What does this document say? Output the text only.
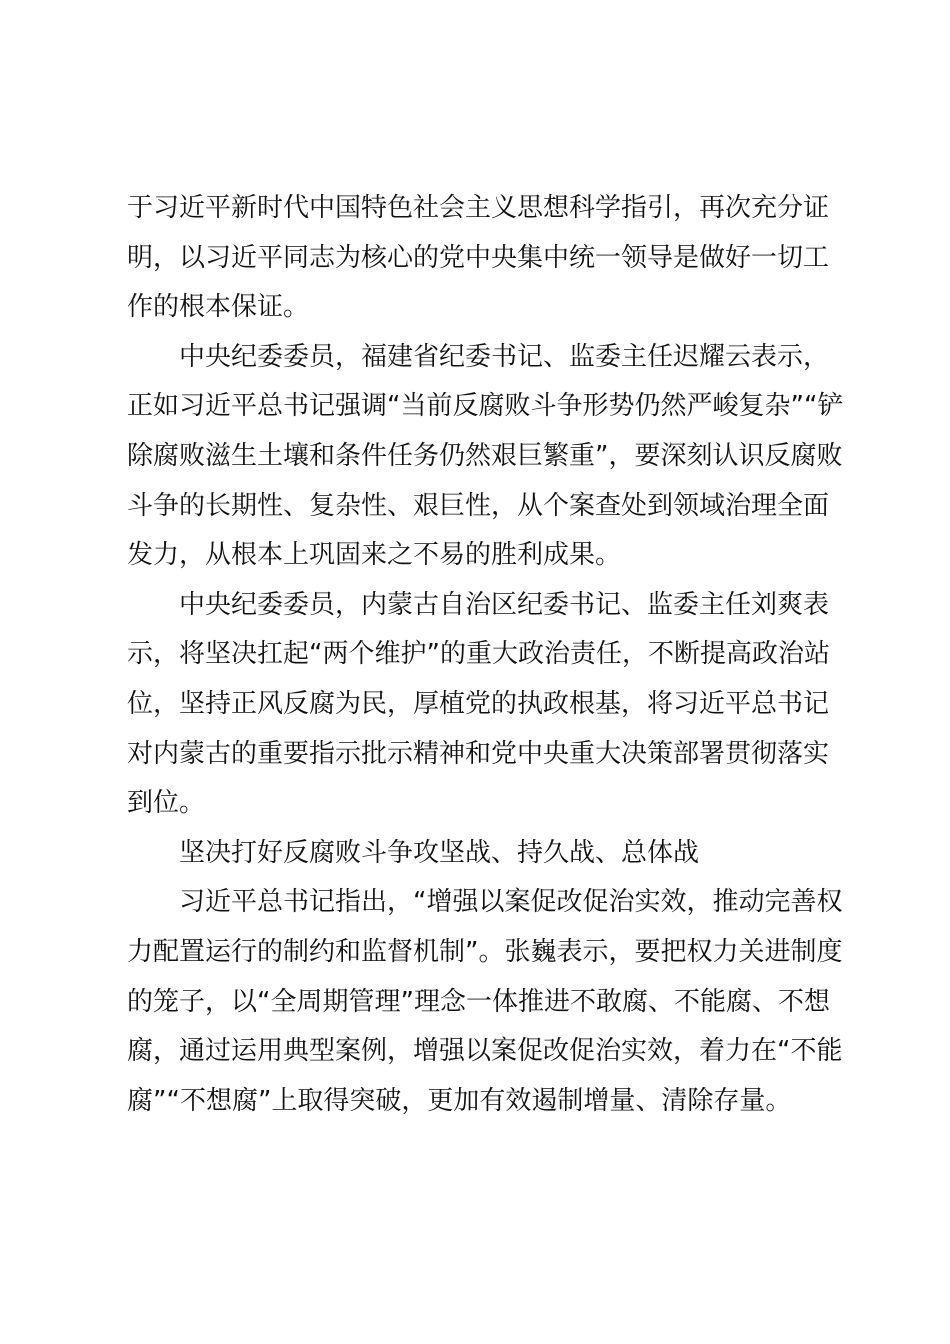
于习近平新时代中国特色社会主义思想科学指引，再次充分证明，以习近平同志为核心的党中央集中统一领导是做好一切工作的根本保证。

中央纪委委员，福建省纪委书记、监委主任迟耀云表示，正如习近平总书记强调“当前反腐败斗争形势仍然严峻复杂”“铲除腐败滋生土壤和条件任务仍然艰巨繁重”，要深刻认识反腐败斗争的长期性、复杂性、艰巨性，从个案查处到领域治理全面发力，从根本上巩固来之不易的胜利成果。

中央纪委委员，内蒙古自治区纪委书记、监委主任刘爽表示，将坚决扛起“两个维护”的重大政治责任，不断提高政治站位，坚持正风反腐为民，厚植党的执政根基，将习近平总书记对内蒙古的重要指示批示精神和党中央重大决策部署贯彻落实到位。

坚决打好反腐败斗争攻坚战、持久战、总体战

习近平总书记指出，“增强以案促改促治实效，推动完善权力配置运行的制约和监督机制”。张巍表示，要把权力关进制度的笼子，以“全周期管理”理念一体推进不敢腐、不能腐、不想腐，通过运用典型案例，增强以案促改促治实效，着力在“不能腐”“不想腐”上取得突破，更加有效遏制增量、清除存量。
